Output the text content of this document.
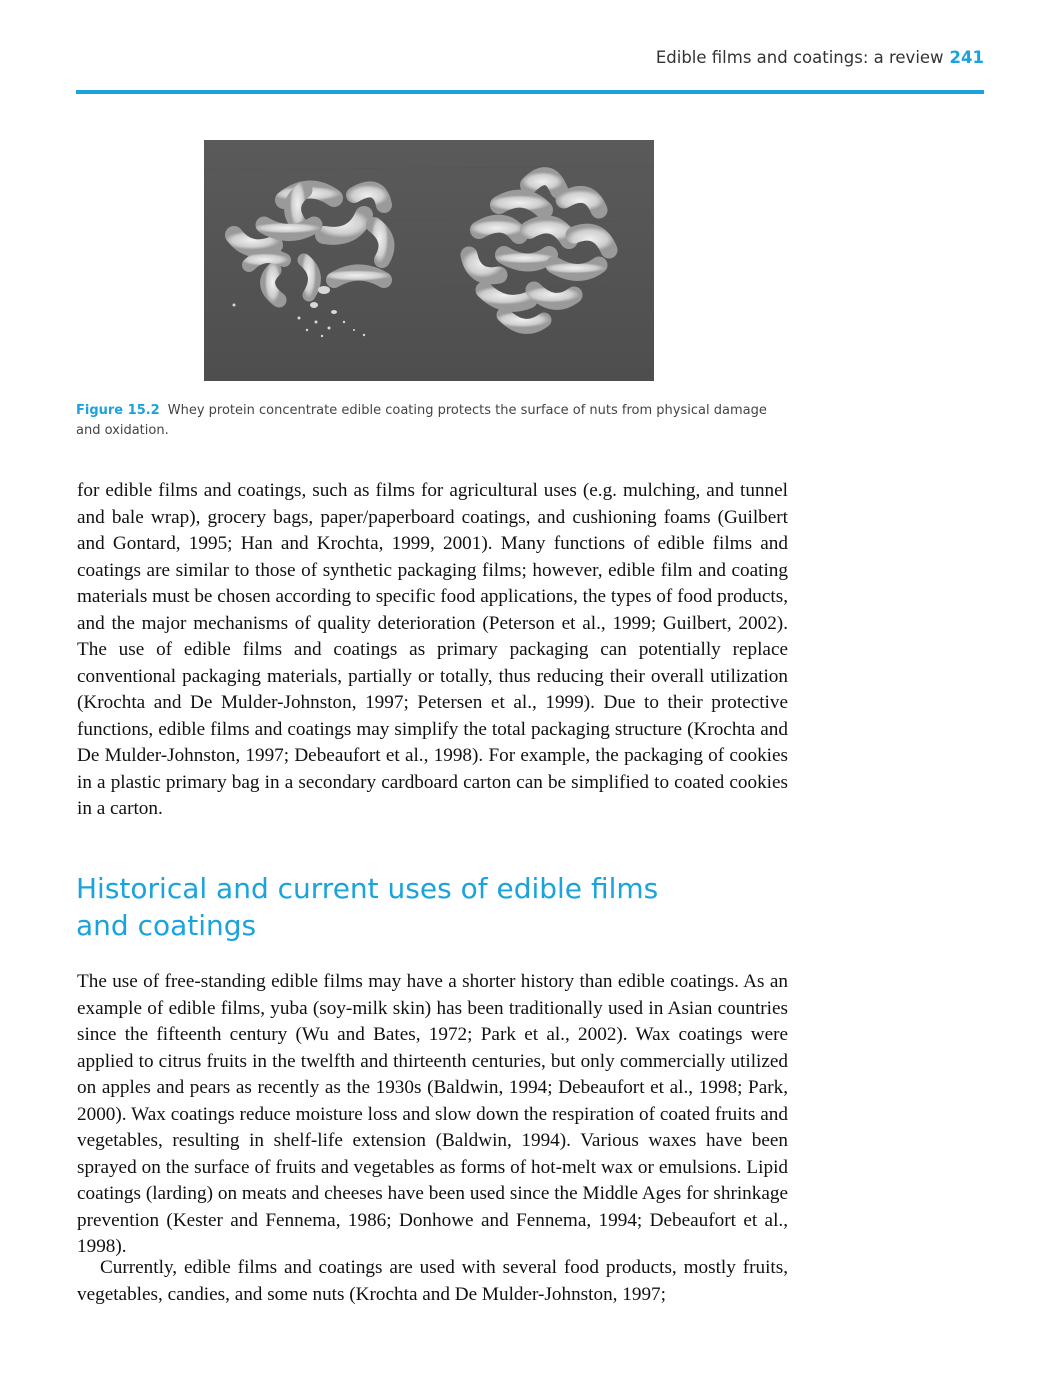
Edible films and coatings: a review 241
Figure 15.2 Whey protein concentrate edible coating protects the surface of nuts from physical damage and oxidation.

for edible films and coatings, such as films for agricultural uses (e.g. mulching, and tunnel and bale wrap), grocery bags, paper/paperboard coatings, and cushioning foams (Guilbert and Gontard, 1995; Han and Krochta, 1999, 2001). Many functions of edible films and coatings are similar to those of synthetic packaging films; however, edible film and coating materials must be chosen according to specific food applications, the types of food products, and the major mechanisms of quality deterioration (Peterson et al., 1999; Guilbert, 2002). The use of edible films and coatings as primary packaging can potentially replace conventional packaging materials, partially or totally, thus reducing their overall utilization (Krochta and De Mulder-Johnston, 1997; Petersen et al., 1999). Due to their protective functions, edible films and coatings may simplify the total packaging structure (Krochta and De Mulder-Johnston, 1997; Debeaufort et al., 1998). For example, the packaging of cookies in a plastic primary bag in a secondary cardboard carton can be simplified to coated cookies in a carton.

Historical and current uses of edible films and coatings

The use of free-standing edible films may have a shorter history than edible coatings. As an example of edible films, yuba (soy-milk skin) has been traditionally used in Asian countries since the fifteenth century (Wu and Bates, 1972; Park et al., 2002). Wax coatings were applied to citrus fruits in the twelfth and thirteenth centuries, but only commercially utilized on apples and pears as recently as the 1930s (Baldwin, 1994; Debeaufort et al., 1998; Park, 2000). Wax coatings reduce moisture loss and slow down the respiration of coated fruits and vegetables, resulting in shelf-life extension (Baldwin, 1994). Various waxes have been sprayed on the surface of fruits and vegetables as forms of hot-melt wax or emulsions. Lipid coatings (larding) on meats and cheeses have been used since the Middle Ages for shrinkage prevention (Kester and Fennema, 1986; Donhowe and Fennema, 1994; Debeaufort et al., 1998).

Currently, edible films and coatings are used with several food products, mostly fruits, vegetables, candies, and some nuts (Krochta and De Mulder-Johnston, 1997;
